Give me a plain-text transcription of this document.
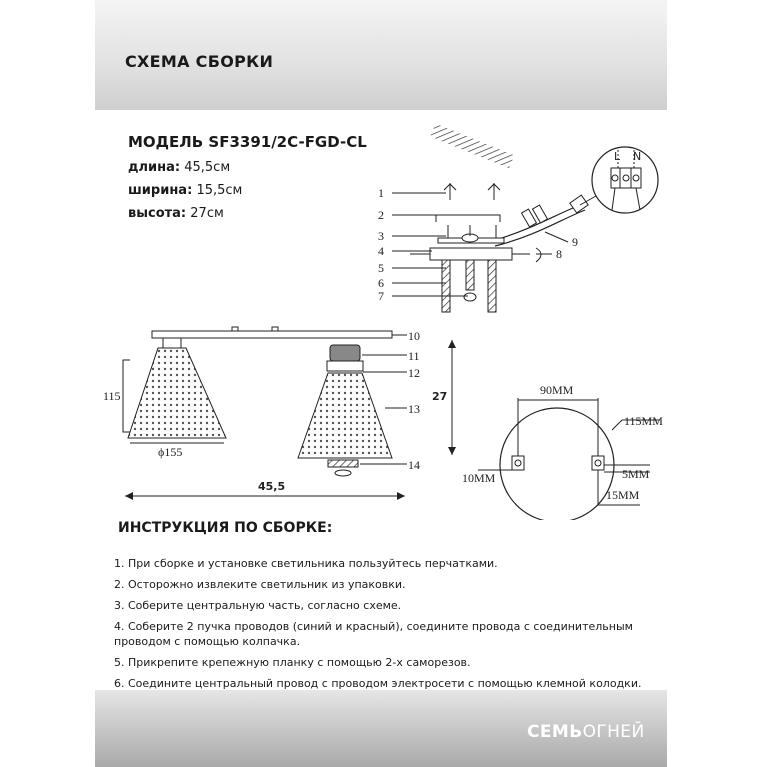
СХЕМА СБОРКИ
МОДЕЛЬ SF3391/2C-FGD-CL
длина: 45,5см
ширина: 15,5см
высота: 27см
L N
1
2
3
4
5
6
7
8
9
115
ϕ155
45,5
27
10
11
12
13
14
90MM
115MM
10MM	5MM
15MM
ИНСТРУКЦИЯ ПО СБОРКЕ:
1. При сборке и установке светильника пользуйтесь перчатками.
2. Осторожно извлеките светильник из упаковки.
3. Соберите центральную часть, согласно схеме.
4. Соберите 2 пучка проводов (синий и красный), соедините провода с соединительным проводом с помощью колпачка.
5. Прикрепите крепежную планку с помощью 2-х саморезов.
6. Соедините центральный провод с проводом электросети с помощью клемной колодки.
СЕМЬОГНЕЙ
